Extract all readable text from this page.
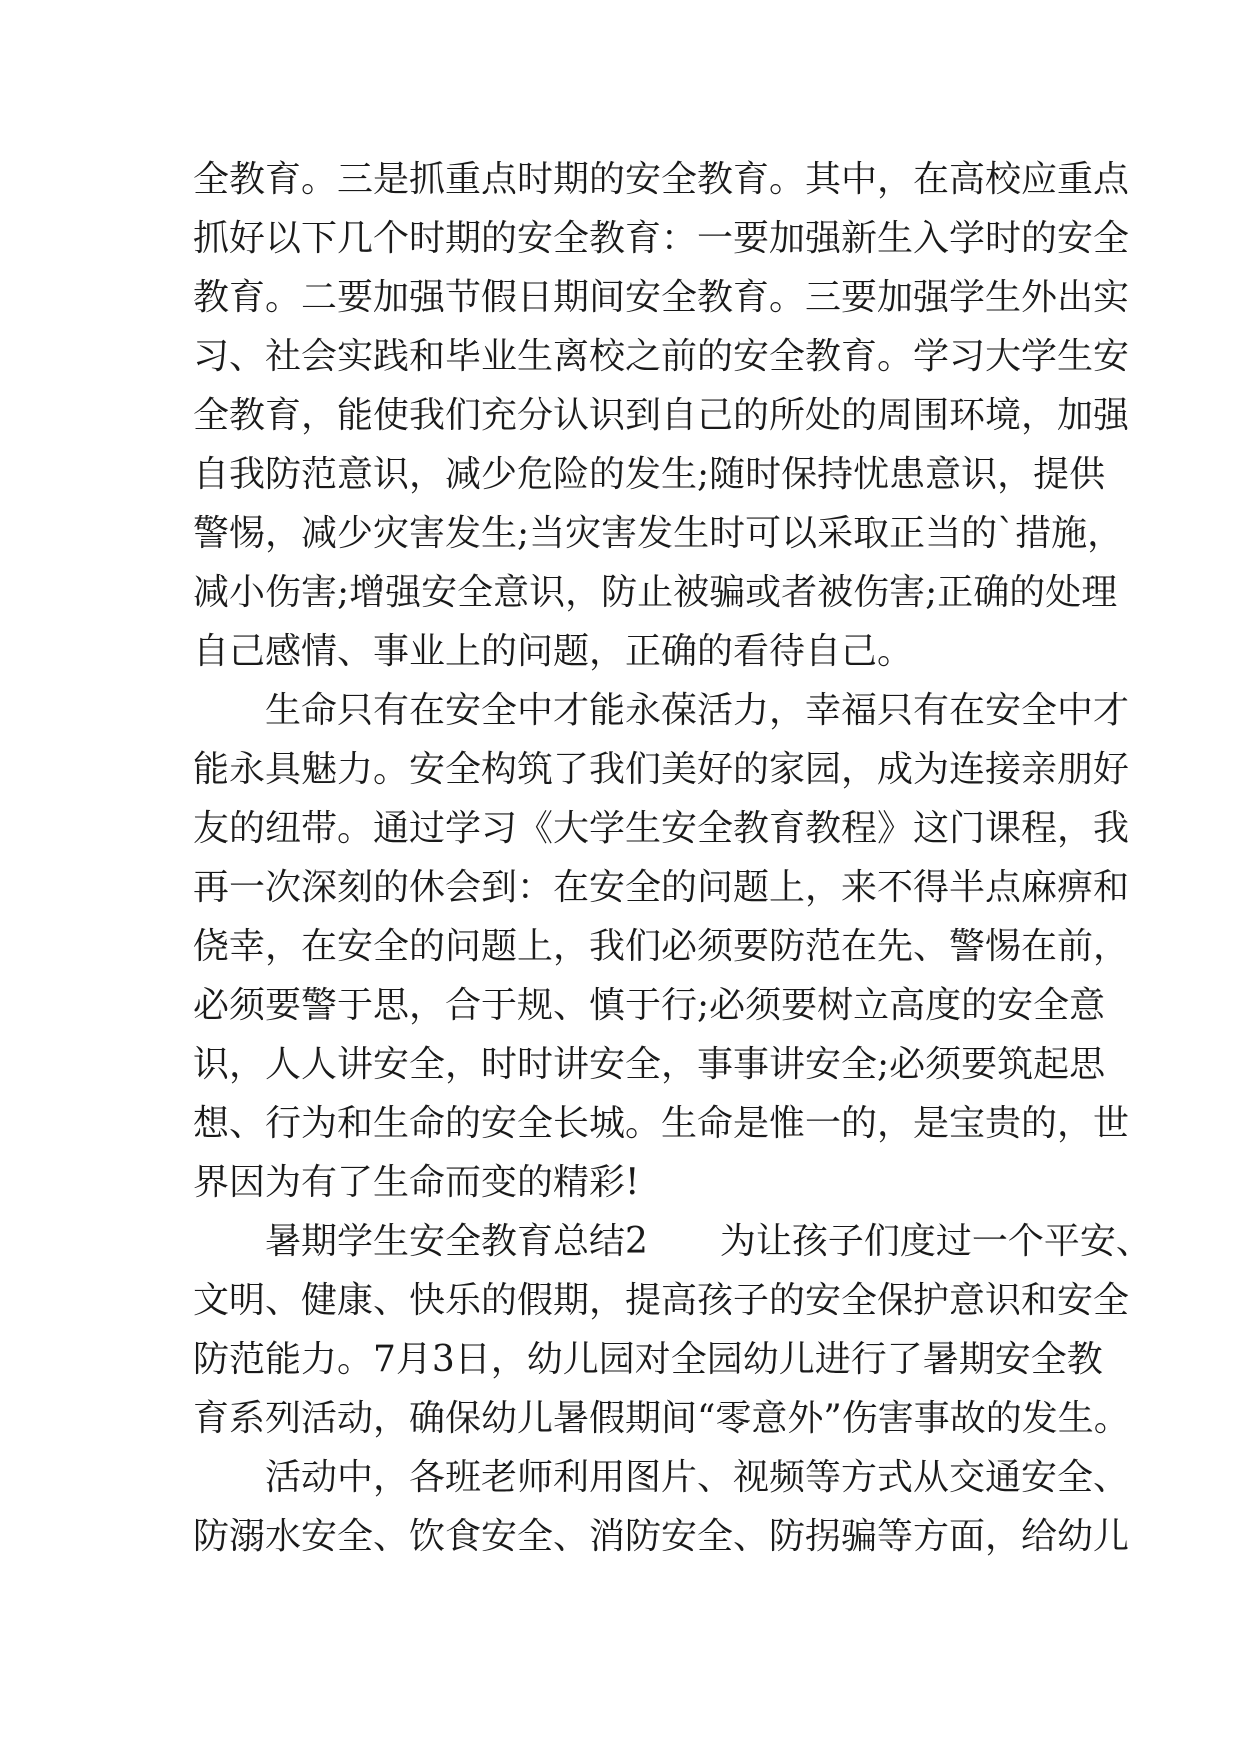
全教育。三是抓重点时期的安全教育。其中，在高校应重点
抓好以下几个时期的安全教育：一要加强新生入学时的安全
教育。二要加强节假日期间安全教育。三要加强学生外出实
习、社会实践和毕业生离校之前的安全教育。学习大学生安
全教育，能使我们充分认识到自己的所处的周围环境，加强
自我防范意识，减少危险的发生;随时保持忧患意识，提供
警惕，减少灾害发生;当灾害发生时可以采取正当的`措施，
减小伤害;增强安全意识，防止被骗或者被伤害;正确的处理
自己感情、事业上的问题，正确的看待自己。
生命只有在安全中才能永葆活力，幸福只有在安全中才
能永具魅力。安全构筑了我们美好的家园，成为连接亲朋好
友的纽带。通过学习《大学生安全教育教程》这门课程，我
再一次深刻的休会到：在安全的问题上，来不得半点麻痹和
侥幸，在安全的问题上，我们必须要防范在先、警惕在前，
必须要警于思，合于规、慎于行;必须要树立高度的安全意
识，人人讲安全，时时讲安全，事事讲安全;必须要筑起思
想、行为和生命的安全长城。生命是惟一的，是宝贵的，世
界因为有了生命而变的精彩!
暑期学生安全教育总结2　　为让孩子们度过一个平安、
文明、健康、快乐的假期，提高孩子的安全保护意识和安全
防范能力。7月3日，幼儿园对全园幼儿进行了暑期安全教
育系列活动，确保幼儿暑假期间“零意外”伤害事故的发生。
活动中，各班老师利用图片、视频等方式从交通安全、
防溺水安全、饮食安全、消防安全、防拐骗等方面，给幼儿
